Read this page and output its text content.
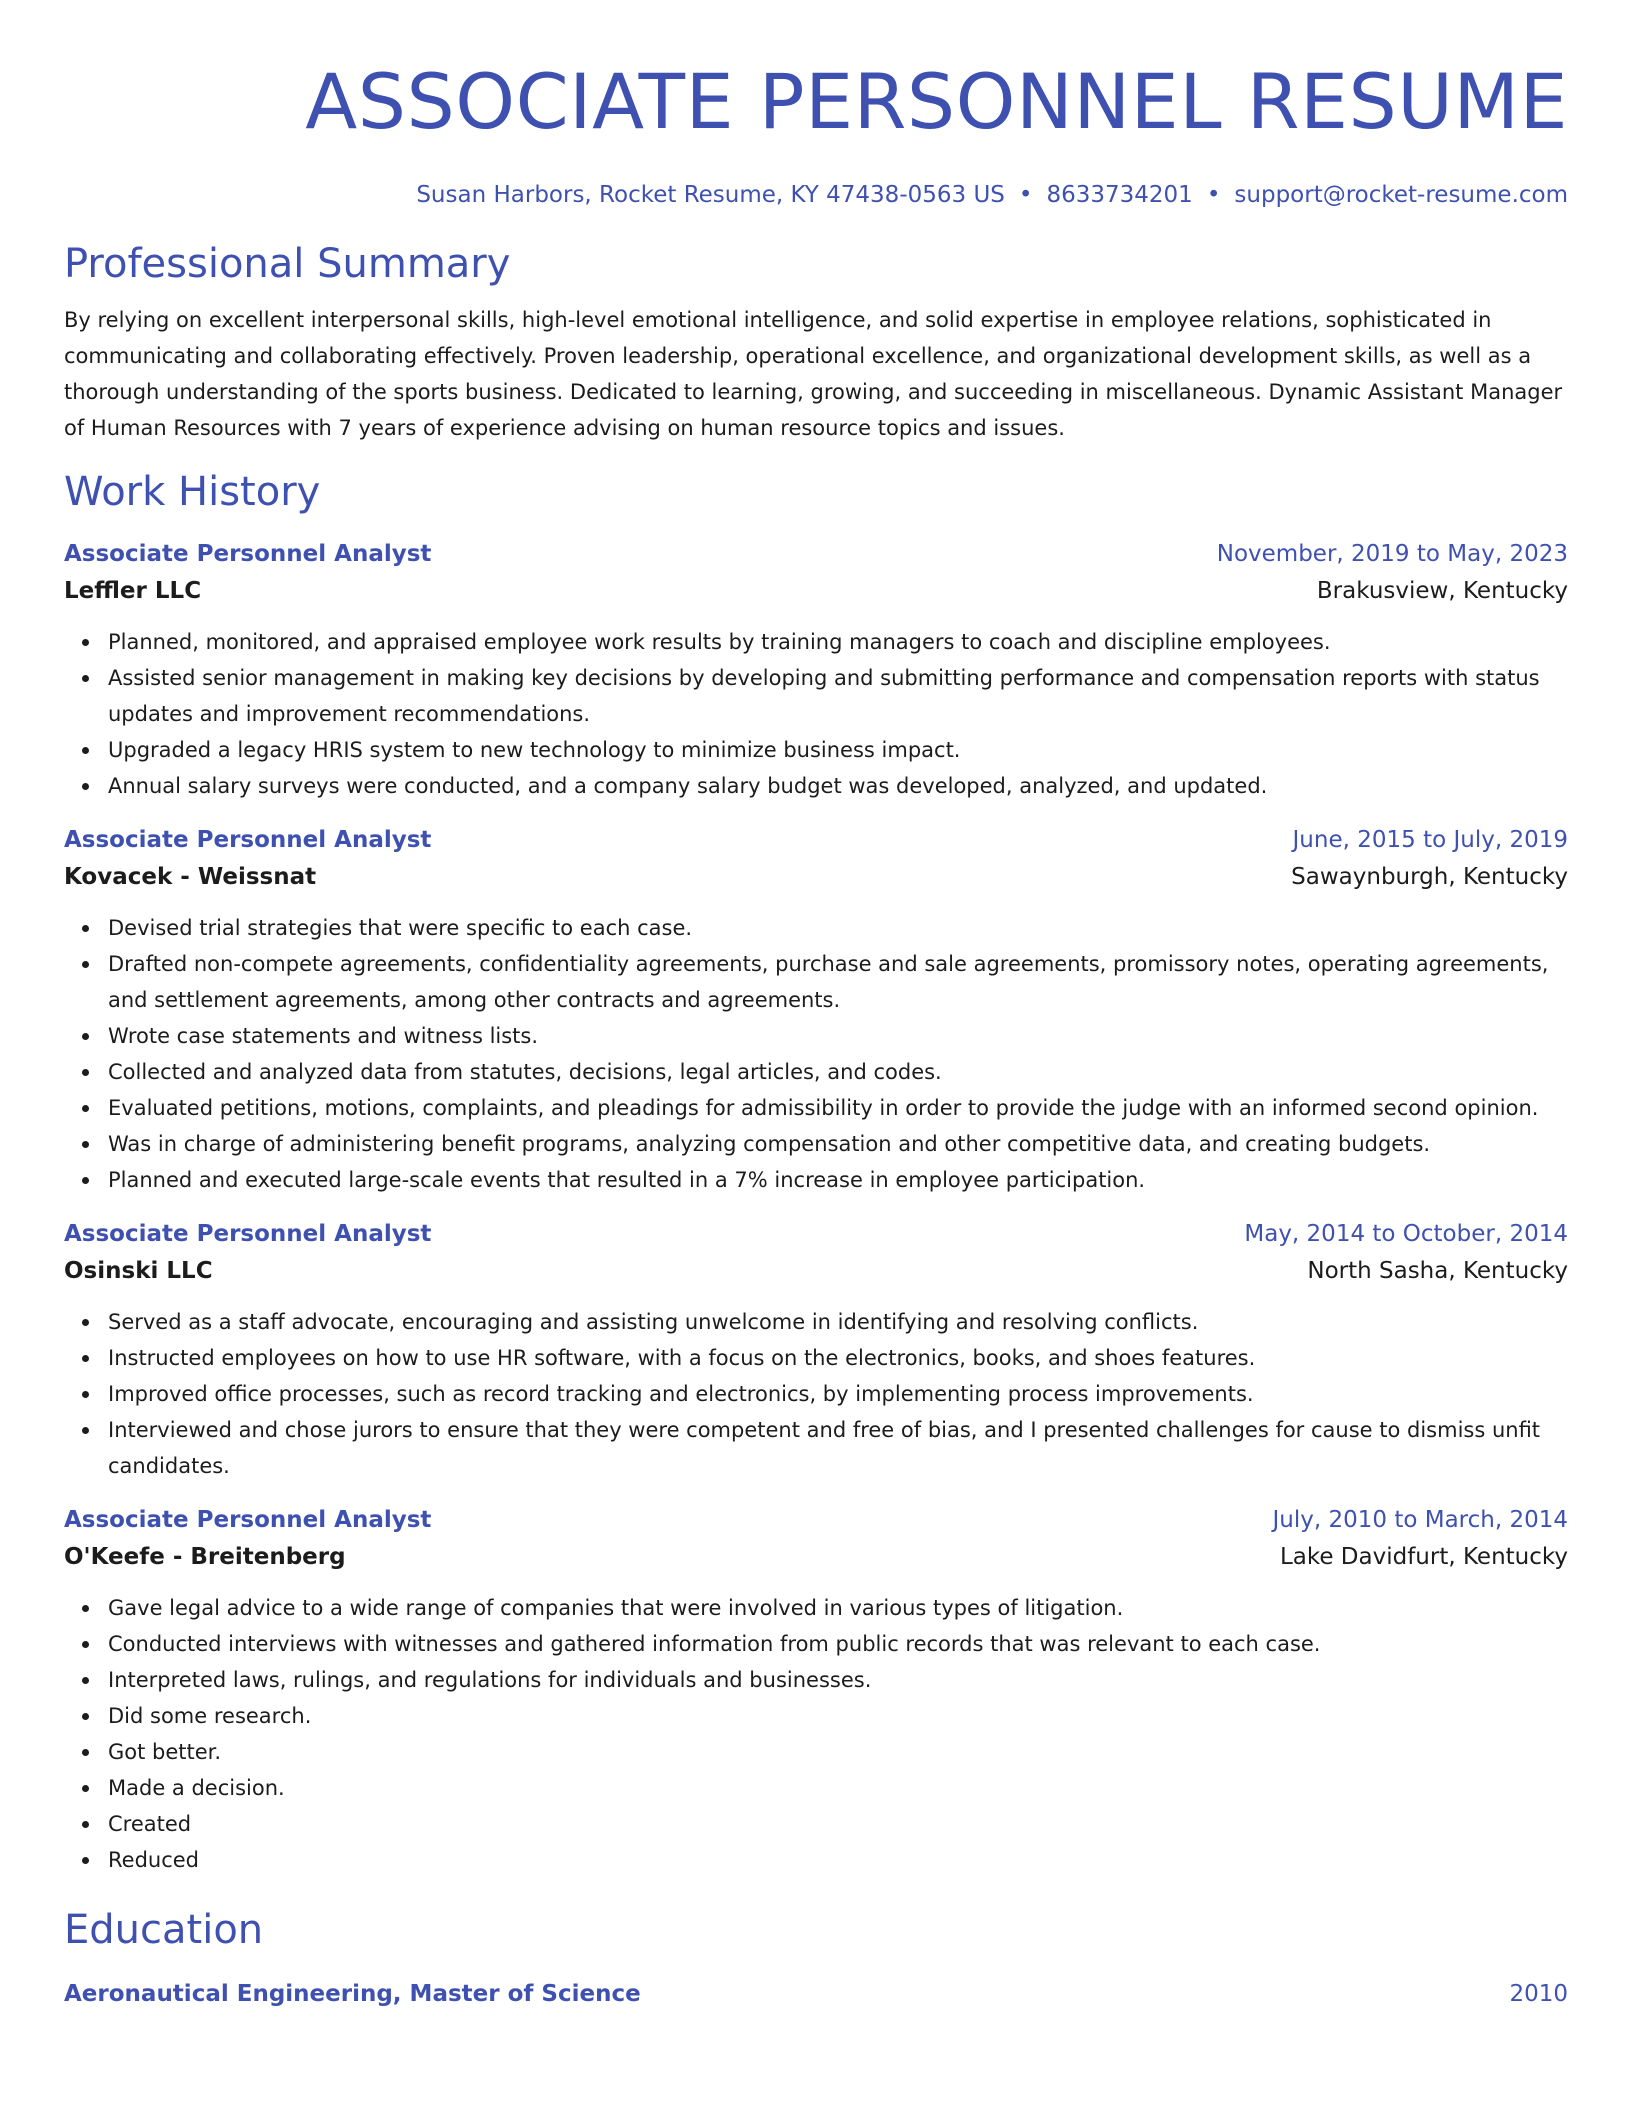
ASSOCIATE PERSONNEL RESUME
Susan Harbors, Rocket Resume, KY 47438-0563 US • 8633734201 • support@rocket-resume.com
Professional Summary

By relying on excellent interpersonal skills, high-level emotional intelligence, and solid expertise in employee relations, sophisticated in communicating and collaborating effectively. Proven leadership, operational excellence, and organizational development skills, as well as a thorough understanding of the sports business. Dedicated to learning, growing, and succeeding in miscellaneous. Dynamic Assistant Manager of Human Resources with 7 years of experience advising on human resource topics and issues.

Work History
Associate Personnel Analyst	November, 2019 to May, 2023
Leffler LLC	Brakusview, Kentucky
Planned, monitored, and appraised employee work results by training managers to coach and discipline employees.
Assisted senior management in making key decisions by developing and submitting performance and compensation reports with status updates and improvement recommendations.
Upgraded a legacy HRIS system to new technology to minimize business impact.
Annual salary surveys were conducted, and a company salary budget was developed, analyzed, and updated.
Associate Personnel Analyst	June, 2015 to July, 2019
Kovacek - Weissnat	Sawaynburgh, Kentucky
Devised trial strategies that were specific to each case.
Drafted non-compete agreements, confidentiality agreements, purchase and sale agreements, promissory notes, operating agreements, and settlement agreements, among other contracts and agreements.
Wrote case statements and witness lists.
Collected and analyzed data from statutes, decisions, legal articles, and codes.
Evaluated petitions, motions, complaints, and pleadings for admissibility in order to provide the judge with an informed second opinion.
Was in charge of administering benefit programs, analyzing compensation and other competitive data, and creating budgets.
Planned and executed large-scale events that resulted in a 7% increase in employee participation.
Associate Personnel Analyst	May, 2014 to October, 2014
Osinski LLC	North Sasha, Kentucky
Served as a staff advocate, encouraging and assisting unwelcome in identifying and resolving conflicts.
Instructed employees on how to use HR software, with a focus on the electronics, books, and shoes features.
Improved office processes, such as record tracking and electronics, by implementing process improvements.
Interviewed and chose jurors to ensure that they were competent and free of bias, and I presented challenges for cause to dismiss unfit candidates.
Associate Personnel Analyst	July, 2010 to March, 2014
O'Keefe - Breitenberg	Lake Davidfurt, Kentucky
Gave legal advice to a wide range of companies that were involved in various types of litigation.
Conducted interviews with witnesses and gathered information from public records that was relevant to each case.
Interpreted laws, rulings, and regulations for individuals and businesses.
Did some research.
Got better.
Made a decision.
Created
Reduced
Education
Aeronautical Engineering, Master of Science	2010
